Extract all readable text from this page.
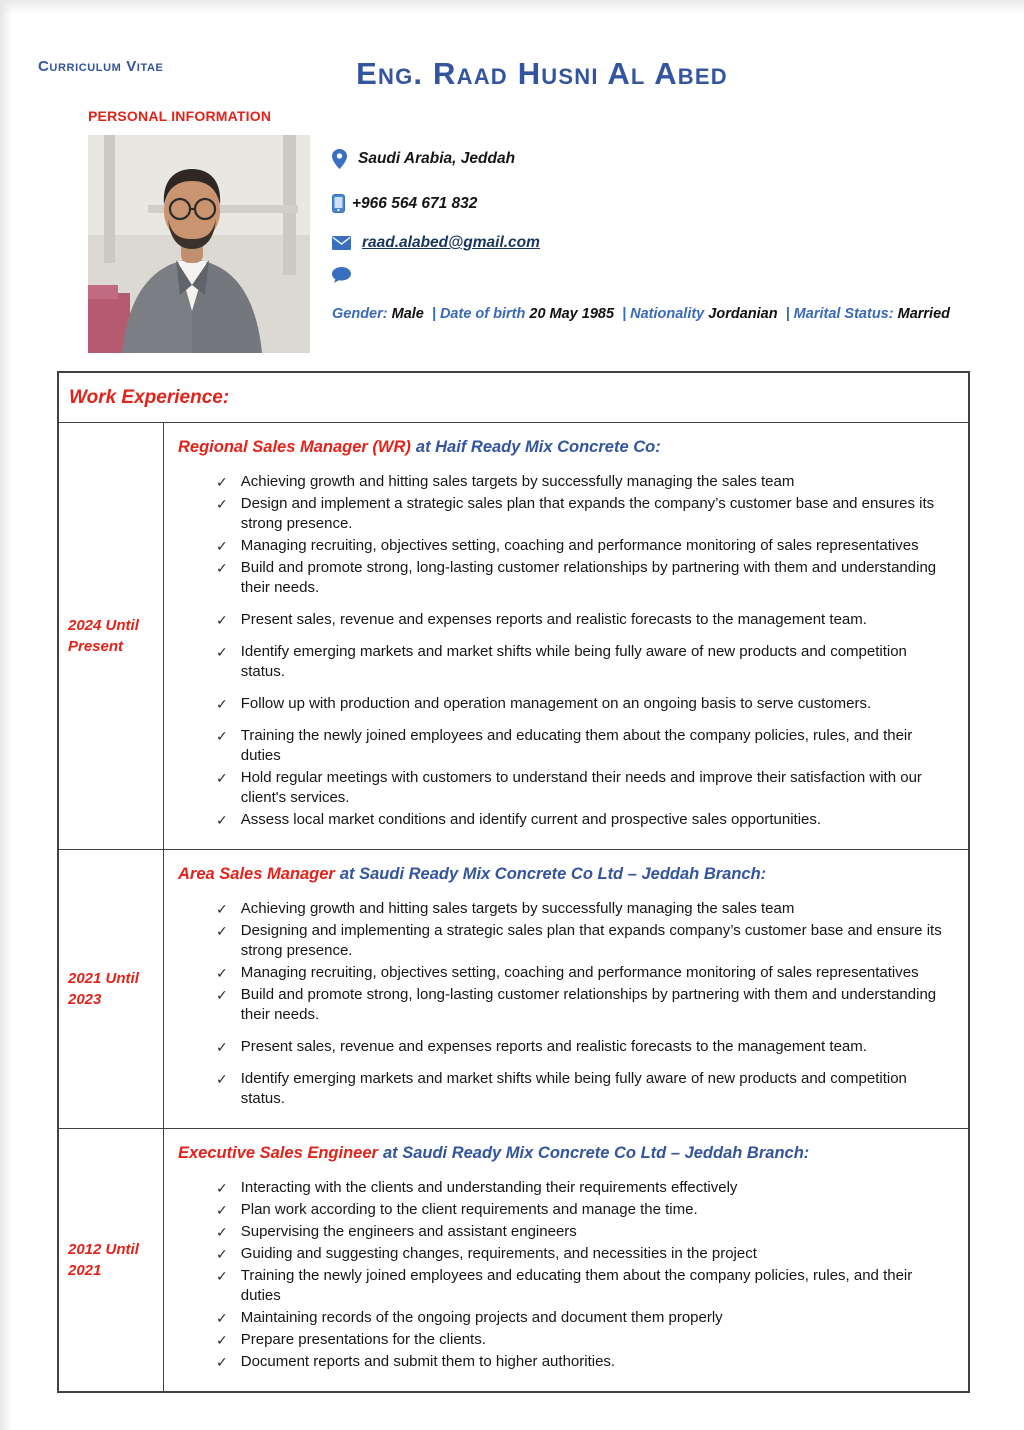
Curriculum Vitae	Eng. Raad Husni Al Abed
PERSONAL INFORMATION
Saudi Arabia, Jeddah
+966 564 671 832
raad.alabed@gmail.com
Gender: Male | Date of birth 20 May 1985 | Nationality Jordanian | Marital Status: Married
Work Experience:
2024 Until Present
Regional Sales Manager (WR) at Haif Ready Mix Concrete Co:
✓ Achieving growth and hitting sales targets by successfully managing the sales team
✓ Design and implement a strategic sales plan that expands the company’s customer base and ensures its strong presence.
✓ Managing recruiting, objectives setting, coaching and performance monitoring of sales representatives
✓ Build and promote strong, long-lasting customer relationships by partnering with them and understanding their needs.
✓ Present sales, revenue and expenses reports and realistic forecasts to the management team.
✓ Identify emerging markets and market shifts while being fully aware of new products and competition status.
✓ Follow up with production and operation management on an ongoing basis to serve customers.
✓ Training the newly joined employees and educating them about the company policies, rules, and their duties
✓ Hold regular meetings with customers to understand their needs and improve their satisfaction with our client's services.
✓ Assess local market conditions and identify current and prospective sales opportunities.
2021 Until 2023
Area Sales Manager at Saudi Ready Mix Concrete Co Ltd – Jeddah Branch:
✓ Achieving growth and hitting sales targets by successfully managing the sales team
✓ Designing and implementing a strategic sales plan that expands company’s customer base and ensure its strong presence.
✓ Managing recruiting, objectives setting, coaching and performance monitoring of sales representatives
✓ Build and promote strong, long-lasting customer relationships by partnering with them and understanding their needs.
✓ Present sales, revenue and expenses reports and realistic forecasts to the management team.
✓ Identify emerging markets and market shifts while being fully aware of new products and competition status.
2012 Until 2021
Executive Sales Engineer at Saudi Ready Mix Concrete Co Ltd – Jeddah Branch:
✓ Interacting with the clients and understanding their requirements effectively
✓ Plan work according to the client requirements and manage the time.
✓ Supervising the engineers and assistant engineers
✓ Guiding and suggesting changes, requirements, and necessities in the project
✓ Training the newly joined employees and educating them about the company policies, rules, and their duties
✓ Maintaining records of the ongoing projects and document them properly
✓ Prepare presentations for the clients.
✓ Document reports and submit them to higher authorities.
